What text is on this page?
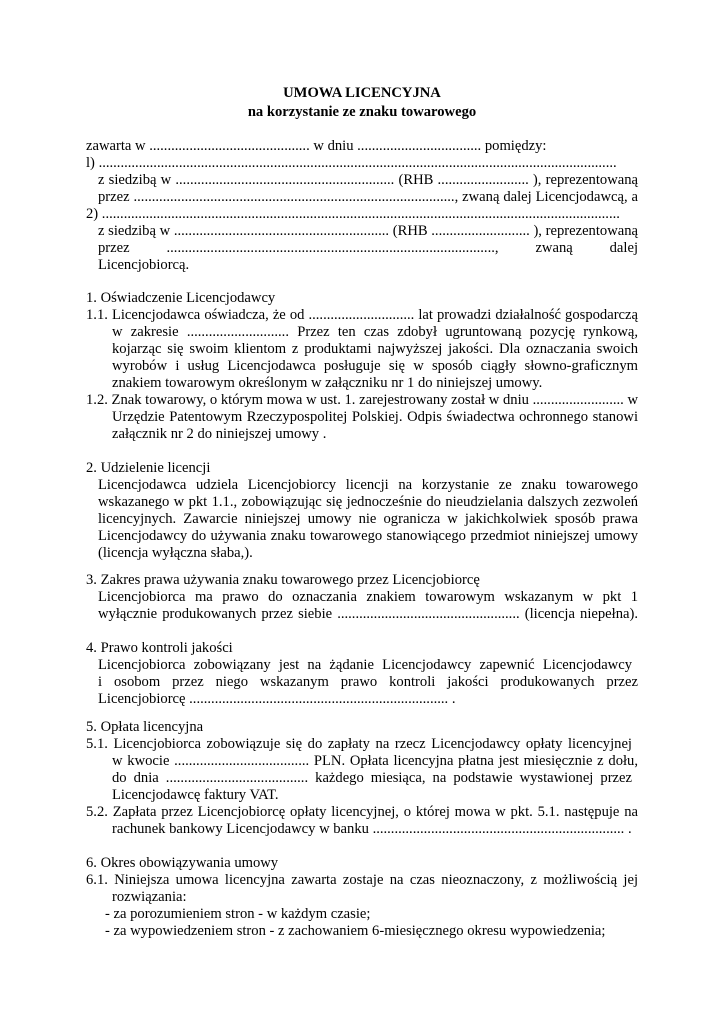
UMOWA LICENCYJNA
na korzystanie ze znaku towarowego
zawarta w ............................................ w dniu .................................. pomiędzy:
l) ..............................................................................................................................................
z siedzibą w ............................................................ (RHB ......................... ), reprezentowaną
przez ........................................................................................, zwaną dalej Licencjodawcą, a
2) ..............................................................................................................................................
z siedzibą w ........................................................... (RHB ........................... ), reprezentowaną
przez .........................................................................................., zwaną dalej
Licencjobiorcą.
1. Oświadczenie Licencjodawcy
1.1. Licencjodawca oświadcza, że od ............................. lat prowadzi działalność gospodarczą
w zakresie ............................ Przez ten czas zdobył ugruntowaną pozycję rynkową,
kojarząc się swoim klientom z produktami najwyższej jakości. Dla oznaczania swoich
wyrobów i usług Licencjodawca posługuje się w sposób ciągły słowno-graficznym
znakiem towarowym określonym w załączniku nr 1 do niniejszej umowy.
1.2. Znak towarowy, o którym mowa w ust. 1. zarejestrowany został w dniu ......................... w
Urzędzie Patentowym Rzeczypospolitej Polskiej. Odpis świadectwa ochronnego stanowi
załącznik nr 2 do niniejszej umowy .
2. Udzielenie licencji
Licencjodawca udziela Licencjobiorcy licencji na korzystanie ze znaku towarowego
wskazanego w pkt 1.1., zobowiązując się jednocześnie do nieudzielania dalszych zezwoleń
licencyjnych. Zawarcie niniejszej umowy nie ogranicza w jakichkolwiek sposób prawa
Licencjodawcy do używania znaku towarowego stanowiącego przedmiot niniejszej umowy
(licencja wyłączna słaba,).
3. Zakres prawa używania znaku towarowego przez Licencjobiorcę
Licencjobiorca ma prawo do oznaczania znakiem towarowym wskazanym w pkt 1
wyłącznie produkowanych przez siebie .................................................. (licencja niepełna).
4. Prawo kontroli jakości
Licencjobiorca zobowiązany jest na żądanie Licencjodawcy zapewnić Licencjodawcy
i osobom przez niego wskazanym prawo kontroli jakości produkowanych przez
Licencjobiorcę ....................................................................... .
5. Opłata licencyjna
5.1. Licencjobiorca zobowiązuje się do zapłaty na rzecz Licencjodawcy opłaty licencyjnej
w kwocie ..................................... PLN. Opłata licencyjna płatna jest miesięcznie z dołu,
do dnia ....................................... każdego miesiąca, na podstawie wystawionej przez
Licencjodawcę faktury VAT.
5.2. Zapłata przez Licencjobiorcę opłaty licencyjnej, o której mowa w pkt. 5.1. następuje na
rachunek bankowy Licencjodawcy w banku ..................................................................... .
6. Okres obowiązywania umowy
6.1. Niniejsza umowa licencyjna zawarta zostaje na czas nieoznaczony, z możliwością jej
rozwiązania:
- za porozumieniem stron - w każdym czasie;
- za wypowiedzeniem stron - z zachowaniem 6-miesięcznego okresu wypowiedzenia;
